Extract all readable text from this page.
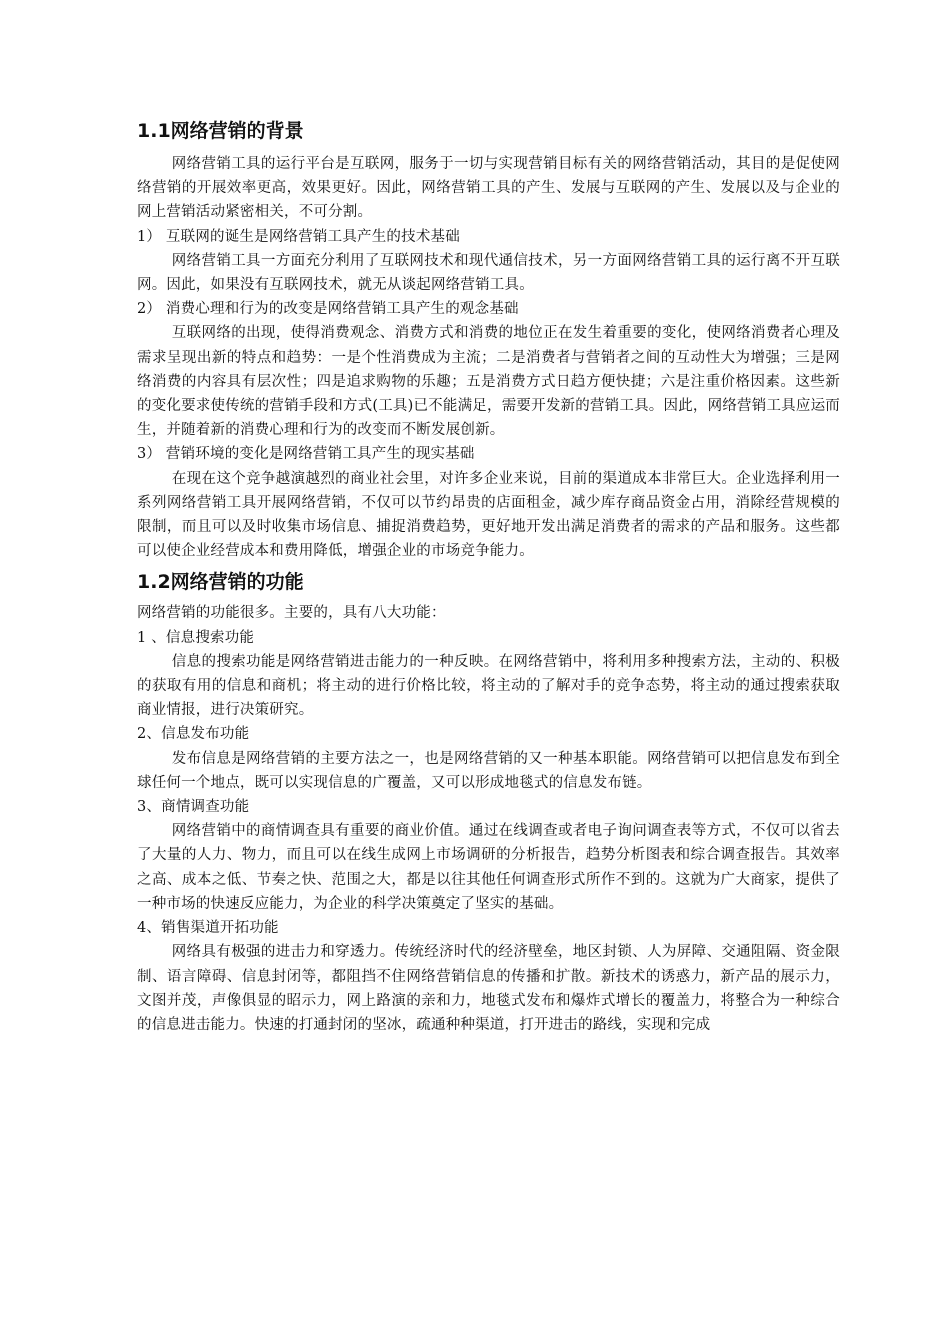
1.1网络营销的背景

网络营销工具的运行平台是互联网，服务于一切与实现营销目标有关的网络营销活动，其目的是促使网络营销的开展效率更高，效果更好。因此，网络营销工具的产生、发展与互联网的产生、发展以及与企业的网上营销活动紧密相关，不可分割。

1） 互联网的诞生是网络营销工具产生的技术基础

网络营销工具一方面充分利用了互联网技术和现代通信技术，另一方面网络营销工具的运行离不开互联网。因此，如果没有互联网技术，就无从谈起网络营销工具。

2） 消费心理和行为的改变是网络营销工具产生的观念基础

互联网络的出现，使得消费观念、消费方式和消费的地位正在发生着重要的变化，使网络消费者心理及需求呈现出新的特点和趋势：一是个性消费成为主流；二是消费者与营销者之间的互动性大为增强；三是网络消费的内容具有层次性；四是追求购物的乐趣；五是消费方式日趋方便快捷；六是注重价格因素。这些新的变化要求使传统的营销手段和方式(工具)已不能满足，需要开发新的营销工具。因此，网络营销工具应运而生，并随着新的消费心理和行为的改变而不断发展创新。

3） 营销环境的变化是网络营销工具产生的现实基础

在现在这个竞争越演越烈的商业社会里，对许多企业来说，目前的渠道成本非常巨大。企业选择利用一系列网络营销工具开展网络营销，不仅可以节约昂贵的店面租金，减少库存商品资金占用，消除经营规模的限制，而且可以及时收集市场信息、捕捉消费趋势，更好地开发出满足消费者的需求的产品和服务。这些都可以使企业经营成本和费用降低，增强企业的市场竞争能力。

1.2网络营销的功能

网络营销的功能很多。主要的，具有八大功能：

1 、信息搜索功能

信息的搜索功能是网络营销进击能力的一种反映。在网络营销中，将利用多种搜索方法，主动的、积极的获取有用的信息和商机；将主动的进行价格比较，将主动的了解对手的竞争态势，将主动的通过搜索获取商业情报，进行决策研究。

2、信息发布功能

发布信息是网络营销的主要方法之一，也是网络营销的又一种基本职能。网络营销可以把信息发布到全球任何一个地点，既可以实现信息的广覆盖，又可以形成地毯式的信息发布链。

3、商情调查功能

网络营销中的商情调查具有重要的商业价值。通过在线调查或者电子询问调查表等方式，不仅可以省去了大量的人力、物力，而且可以在线生成网上市场调研的分析报告，趋势分析图表和综合调查报告。其效率之高、成本之低、节奏之快、范围之大，都是以往其他任何调查形式所作不到的。这就为广大商家，提供了一种市场的快速反应能力，为企业的科学决策奠定了坚实的基础。

4、销售渠道开拓功能

网络具有极强的进击力和穿透力。传统经济时代的经济壁垒，地区封锁、人为屏障、交通阻隔、资金限制、语言障碍、信息封闭等，都阻挡不住网络营销信息的传播和扩散。新技术的诱惑力，新产品的展示力，文图并茂，声像俱显的昭示力，网上路演的亲和力，地毯式发布和爆炸式增长的覆盖力，将整合为一种综合的信息进击能力。快速的打通封闭的坚冰，疏通种种渠道，打开进击的路线，实现和完成
